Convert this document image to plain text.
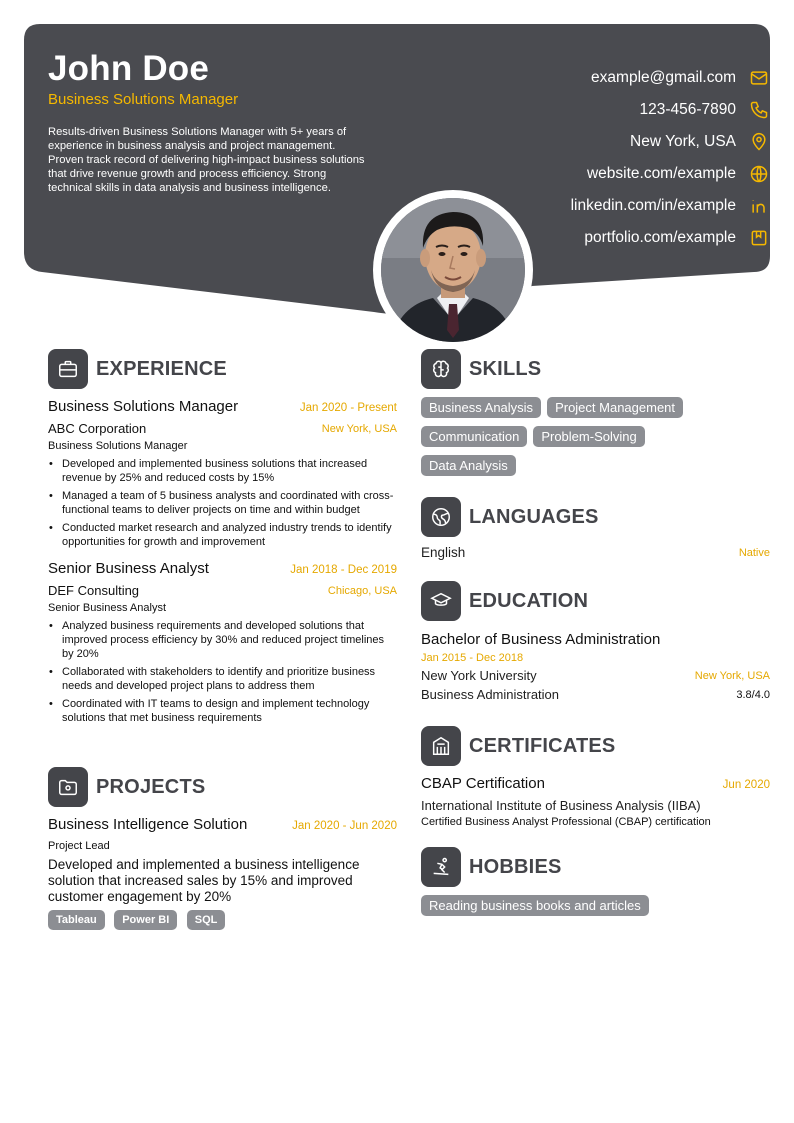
John Doe
Business Solutions Manager
Results-driven Business Solutions Manager with 5+ years of experience in business analysis and project management. Proven track record of delivering high-impact business solutions that drive revenue growth and process efficiency. Strong technical skills in data analysis and business intelligence.
example@gmail.com
123-456-7890
New York, USA
website.com/example
linkedin.com/in/example
portfolio.com/example
EXPERIENCE
Business Solutions Manager	Jan 2020 - Present
ABC Corporation	New York, USA
Business Solutions Manager
• Developed and implemented business solutions that increased revenue by 25% and reduced costs by 15%
• Managed a team of 5 business analysts and coordinated with cross-functional teams to deliver projects on time and within budget
• Conducted market research and analyzed industry trends to identify opportunities for growth and improvement
Senior Business Analyst	Jan 2018 - Dec 2019
DEF Consulting	Chicago, USA
Senior Business Analyst
• Analyzed business requirements and developed solutions that improved process efficiency by 30% and reduced project timelines by 20%
• Collaborated with stakeholders to identify and prioritize business needs and developed project plans to address them
• Coordinated with IT teams to design and implement technology solutions that met business requirements
PROJECTS
Business Intelligence Solution	Jan 2020 - Jun 2020
Project Lead
Developed and implemented a business intelligence solution that increased sales by 15% and improved customer engagement by 20%
Tableau Power BI SQL
SKILLS
Business Analysis Project Management
Communication Problem-Solving
Data Analysis
LANGUAGES
English	Native
EDUCATION
Bachelor of Business Administration
Jan 2015 - Dec 2018
New York University	New York, USA
Business Administration	3.8/4.0
CERTIFICATES
CBAP Certification	Jun 2020
International Institute of Business Analysis (IIBA)
Certified Business Analyst Professional (CBAP) certification
HOBBIES
Reading business books and articles
